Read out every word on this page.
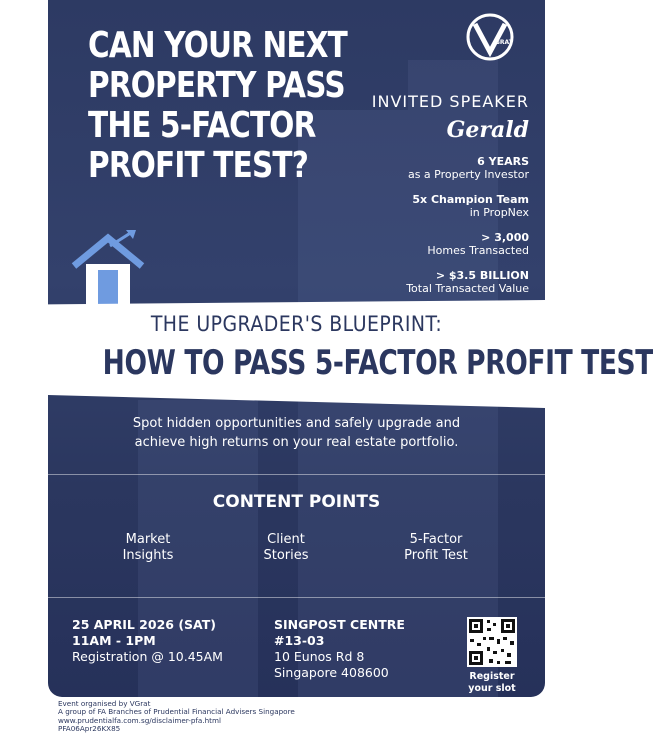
CAN YOUR NEXT
PROPERTY PASS
THE 5-FACTOR
PROFIT TEST?
GRAT
INVITED SPEAKER
Gerald
6 YEARS
as a Property Investor
5x Champion Team
in PropNex
> 3,000
Homes Transacted
> $3.5 BILLION
Total Transacted Value
THE UPGRADER'S BLUEPRINT:
HOW TO PASS 5-FACTOR PROFIT TEST
Spot hidden opportunities and safely upgrade and
achieve high returns on your real estate portfolio.
CONTENT POINTS
Market
Insights
Client
Stories
5-Factor
Profit Test
25 APRIL 2026 (SAT)
11AM - 1PM
Registration @ 10.45AM
SINGPOST CENTRE
#13-03
10 Eunos Rd 8
Singapore 408600	Register
your slot
Event organised by VGrat
A group of FA Branches of Prudential Financial Advisers Singapore
www.prudentialfa.com.sg/disclaimer-pfa.html
PFA06Apr26KX85
